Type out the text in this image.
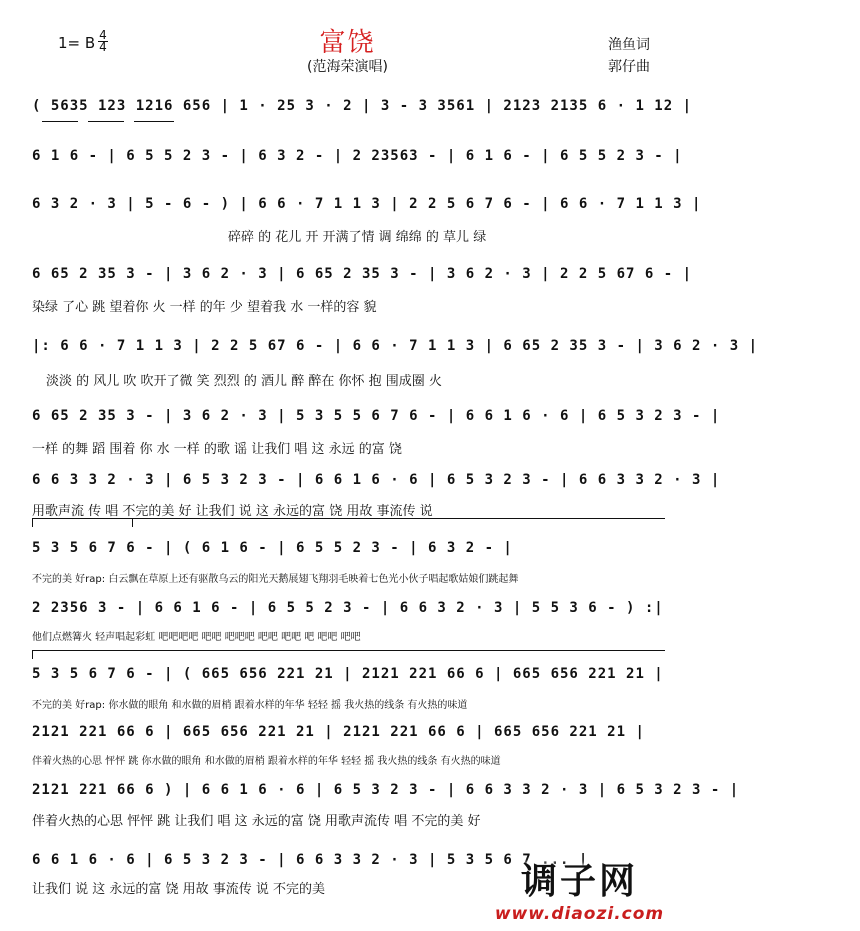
富饶
(范海荣演唱)
1= B 4
4	渔鱼词
郭仔曲
( 5635 123 1216 656 | 1 · 25 3 · 2 | 3 - 3 3561 | 2123 2135 6 · 1 12 |
6 1 6 - | 6 5 5 2 3 - | 6 3 2 - | 2 23563 - | 6 1 6 - | 6 5 5 2 3 - |
6 3 2 · 3 | 5 - 6 - ) | 6 6 · 7 1 1 3 | 2 2 5 6 7 6 - | 6 6 · 7 1 1 3 |
碎碎 的 花儿 开 开满了情 调 绵绵 的 草儿 绿
6 65 2 35 3 - | 3 6 2 · 3 | 6 65 2 35 3 - | 3 6 2 · 3 | 2 2 5 67 6 - |
染绿 了心 跳 望着你 火 一样 的年 少 望着我 水 一样的容 貌
|: 6 6 · 7 1 1 3 | 2 2 5 67 6 - | 6 6 · 7 1 1 3 | 6 65 2 35 3 - | 3 6 2 · 3 |
淡淡 的 风儿 吹 吹开了微 笑 烈烈 的 酒儿 醉 醉在 你怀 抱 围成圈 火
6 65 2 35 3 - | 3 6 2 · 3 | 5 3 5 5 6 7 6 - | 6 6 1 6 · 6 | 6 5 3 2 3 - |
一样 的舞 蹈 围着 你 水 一样 的歌 谣 让我们 唱 这 永远 的富 饶
6 6 3 3 2 · 3 | 6 5 3 2 3 - | 6 6 1 6 · 6 | 6 5 3 2 3 - | 6 6 3 3 2 · 3 |
用歌声流 传 唱 不完的美 好 让我们 说 这 永远的富 饶 用故 事流传 说
5 3 5 6 7 6 - | ( 6 1 6 - | 6 5 5 2 3 - | 6 3 2 - |
不完的美 好rap: 白云飘在草原上还有驱散乌云的阳光天鹅展翅飞翔羽毛映着七色光小伙子唱起歌姑娘们跳起舞
2 2356 3 - | 6 6 1 6 - | 6 5 5 2 3 - | 6 6 3 2 · 3 | 5 5 3 6 - ) :|
他们点燃篝火 轻声唱起彩虹 吧吧吧吧 吧吧 吧吧吧 吧吧 吧吧 吧 吧吧 吧吧
5 3 5 6 7 6 - | ( 665 656 221 21 | 2121 221 66 6 | 665 656 221 21 |
不完的美 好rap: 你水做的眼角 和水做的眉梢 跟着水样的年华 轻轻 摇 我火热的线条 有火热的味道
2121 221 66 6 | 665 656 221 21 | 2121 221 66 6 | 665 656 221 21 |
伴着火热的心思 怦怦 跳 你水做的眼角 和水做的眉梢 跟着水样的年华 轻轻 摇 我火热的线条 有火热的味道
2121 221 66 6 ) | 6 6 1 6 · 6 | 6 5 3 2 3 - | 6 6 3 3 2 · 3 | 6 5 3 2 3 - |
伴着火热的心思 怦怦 跳 让我们 唱 这 永远的富 饶 用歌声流传 唱 不完的美 好
6 6 1 6 · 6 | 6 5 3 2 3 - | 6 6 3 3 2 · 3 | 5 3 5 6 7 ... |
让我们 说 这 永远的富 饶 用故 事流传 说 不完的美	调子网
www.diaozi.com
